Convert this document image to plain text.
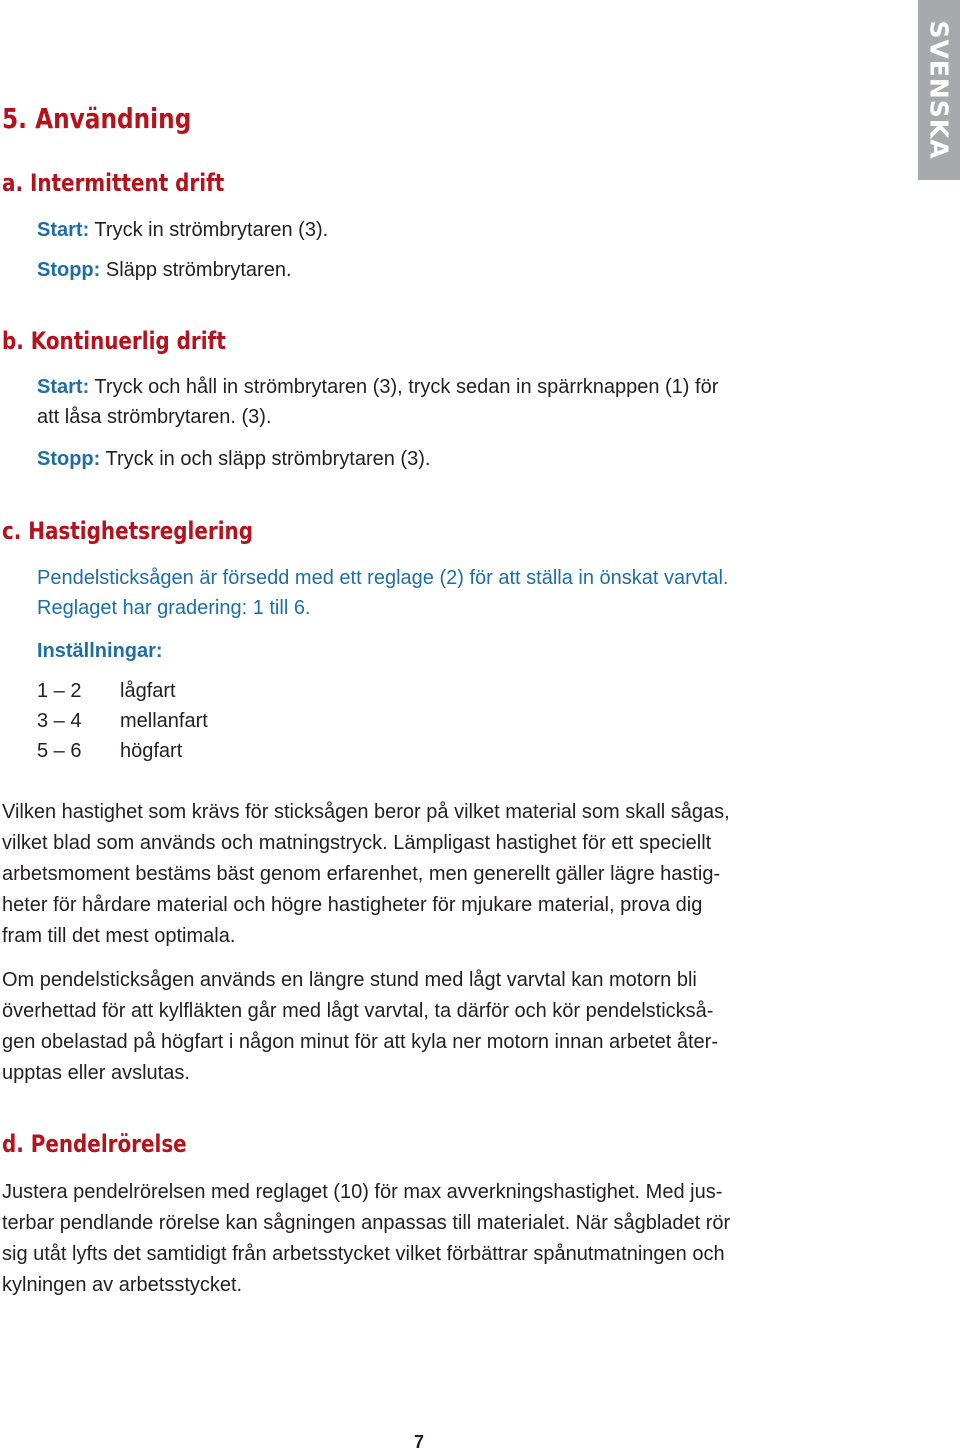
SVENSKA
5. Användning
a. Intermittent drift
Start: Tryck in strömbrytaren (3).
Stopp: Släpp strömbrytaren.
b. Kontinuerlig drift
Start: Tryck och håll in strömbrytaren (3), tryck sedan in spärrknappen (1) för
att låsa strömbrytaren. (3).
Stopp: Tryck in och släpp strömbrytaren (3).
c. Hastighetsreglering
Pendelsticksågen är försedd med ett reglage (2) för att ställa in önskat varvtal.
Reglaget har gradering: 1 till 6.
Inställningar:
1 – 2 lågfart
3 – 4 mellanfart
5 – 6 högfart
Vilken hastighet som krävs för sticksågen beror på vilket material som skall sågas,
vilket blad som används och matningstryck. Lämpligast hastighet för ett speciellt
arbetsmoment bestäms bäst genom erfarenhet, men generellt gäller lägre hastig-
heter för hårdare material och högre hastigheter för mjukare material, prova dig
fram till det mest optimala.
Om pendelsticksågen används en längre stund med lågt varvtal kan motorn bli
överhettad för att kylfläkten går med lågt varvtal, ta därför och kör pendelstickså-
gen obelastad på högfart i någon minut för att kyla ner motorn innan arbetet åter-
upptas eller avslutas.
d. Pendelrörelse
Justera pendelrörelsen med reglaget (10) för max avverkningshastighet. Med jus-
terbar pendlande rörelse kan sågningen anpassas till materialet. När sågbladet rör
sig utåt lyfts det samtidigt från arbetsstycket vilket förbättrar spånutmatningen och
kylningen av arbetsstycket.
7
